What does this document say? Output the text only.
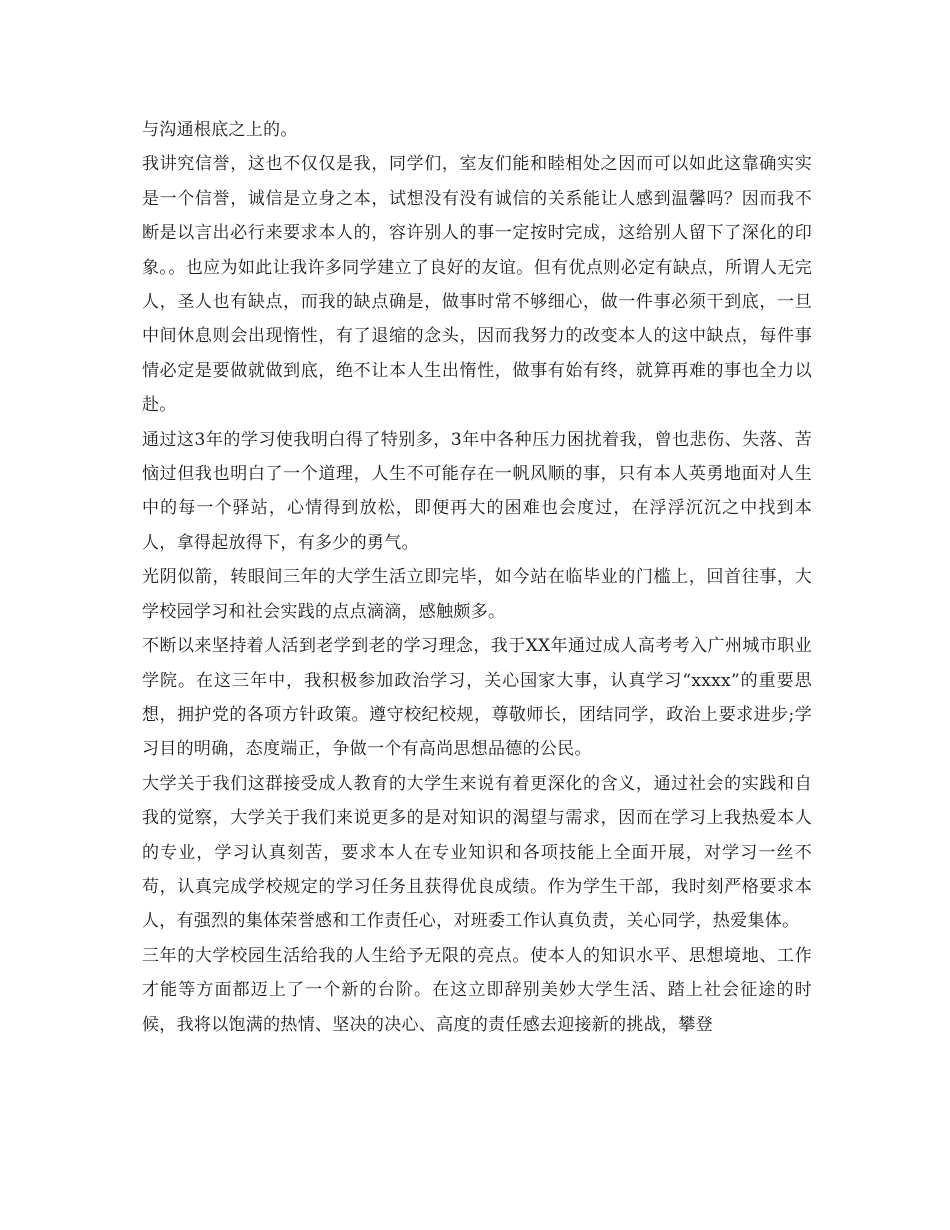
与沟通根底之上的。

我讲究信誉，这也不仅仅是我，同学们，室友们能和睦相处之因而可以如此这靠确实实是一个信誉，诚信是立身之本，试想没有没有诚信的关系能让人感到温馨吗？因而我不断是以言出必行来要求本人的，容许别人的事一定按时完成，这给别人留下了深化的印象。。也应为如此让我许多同学建立了良好的友谊。但有优点则必定有缺点，所谓人无完人，圣人也有缺点，而我的缺点确是，做事时常不够细心，做一件事必须干到底，一旦中间休息则会出现惰性，有了退缩的念头，因而我努力的改变本人的这中缺点，每件事情必定是要做就做到底，绝不让本人生出惰性，做事有始有终，就算再难的事也全力以赴。

通过这3年的学习使我明白得了特别多，3年中各种压力困扰着我，曾也悲伤、失落、苦恼过但我也明白了一个道理，人生不可能存在一帆风顺的事，只有本人英勇地面对人生中的每一个驿站，心情得到放松，即便再大的困难也会度过，在浮浮沉沉之中找到本人，拿得起放得下，有多少的勇气。

光阴似箭，转眼间三年的大学生活立即完毕，如今站在临毕业的门槛上，回首往事，大学校园学习和社会实践的点点滴滴，感触颇多。

不断以来坚持着人活到老学到老的学习理念，我于XX年通过成人高考考入广州城市职业学院。在这三年中，我积极参加政治学习，关心国家大事，认真学习“xxxx”的重要思想，拥护党的各项方针政策。遵守校纪校规，尊敬师长，团结同学，政治上要求进步;学习目的明确，态度端正，争做一个有高尚思想品德的公民。

大学关于我们这群接受成人教育的大学生来说有着更深化的含义，通过社会的实践和自我的觉察，大学关于我们来说更多的是对知识的渴望与需求，因而在学习上我热爱本人的专业，学习认真刻苦，要求本人在专业知识和各项技能上全面开展，对学习一丝不苟，认真完成学校规定的学习任务且获得优良成绩。作为学生干部，我时刻严格要求本人，有强烈的集体荣誉感和工作责任心，对班委工作认真负责，关心同学，热爱集体。

三年的大学校园生活给我的人生给予无限的亮点。使本人的知识水平、思想境地、工作才能等方面都迈上了一个新的台阶。在这立即辞别美妙大学生活、踏上社会征途的时候，我将以饱满的热情、坚决的决心、高度的责任感去迎接新的挑战，攀登
